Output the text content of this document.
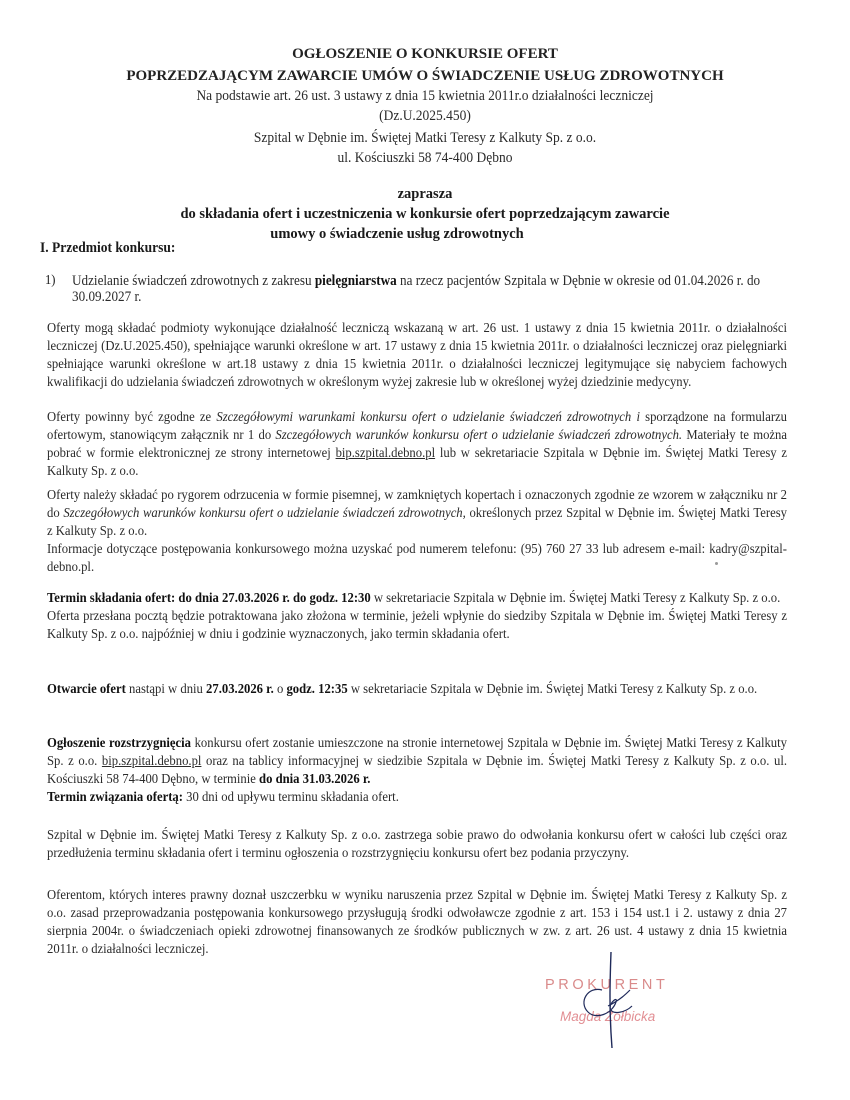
OGŁOSZENIE O KONKURSIE OFERT
POPRZEDZAJĄCYM ZAWARCIE UMÓW O ŚWIADCZENIE USŁUG ZDROWOTNYCH
Na podstawie art. 26 ust. 3 ustawy z dnia 15 kwietnia 2011r.o działalności leczniczej
(Dz.U.2025.450)
Szpital w Dębnie im. Świętej Matki Teresy z Kalkuty Sp. z o.o.
ul. Kościuszki 58 74-400 Dębno
zaprasza
do składania ofert i uczestniczenia w konkursie ofert poprzedzającym zawarcie
umowy o świadczenie usług zdrowotnych
I. Przedmiot konkursu:
1) Udzielanie świadczeń zdrowotnych z zakresu pielęgniarstwa na rzecz pacjentów Szpitala w Dębnie w okresie od 01.04.2026 r. do 30.09.2027 r.
Oferty mogą składać podmioty wykonujące działalność leczniczą wskazaną w art. 26 ust. 1 ustawy z dnia 15 kwietnia 2011r. o działalności leczniczej (Dz.U.2025.450), spełniające warunki określone w art. 17 ustawy z dnia 15 kwietnia 2011r. o działalności leczniczej oraz pielęgniarki spełniające warunki określone w art.18 ustawy z dnia 15 kwietnia 2011r. o działalności leczniczej legitymujące się nabyciem fachowych kwalifikacji do udzielania świadczeń zdrowotnych w określonym wyżej zakresie lub w określonej wyżej dziedzinie medycyny.
Oferty powinny być zgodne ze Szczegółowymi warunkami konkursu ofert o udzielanie świadczeń zdrowotnych i sporządzone na formularzu ofertowym, stanowiącym załącznik nr 1 do Szczegółowych warunków konkursu ofert o udzielanie świadczeń zdrowotnych. Materiały te można pobrać w formie elektronicznej ze strony internetowej bip.szpital.debno.pl lub w sekretariacie Szpitala w Dębnie im. Świętej Matki Teresy z Kalkuty Sp. z o.o.
Oferty należy składać po rygorem odrzucenia w formie pisemnej, w zamkniętych kopertach i oznaczonych zgodnie ze wzorem w załączniku nr 2 do Szczegółowych warunków konkursu ofert o udzielanie świadczeń zdrowotnych, określonych przez Szpital w Dębnie im. Świętej Matki Teresy z Kalkuty Sp. z o.o.
Informacje dotyczące postępowania konkursowego można uzyskać pod numerem telefonu: (95) 760 27 33 lub adresem e-mail: kadry@szpital-debno.pl.
Termin składania ofert: do dnia 27.03.2026 r. do godz. 12:30 w sekretariacie Szpitala w Dębnie im. Świętej Matki Teresy z Kalkuty Sp. z o.o.
Oferta przesłana pocztą będzie potraktowana jako złożona w terminie, jeżeli wpłynie do siedziby Szpitala w Dębnie im. Świętej Matki Teresy z Kalkuty Sp. z o.o. najpóźniej w dniu i godzinie wyznaczonych, jako termin składania ofert.
Otwarcie ofert nastąpi w dniu 27.03.2026 r. o godz. 12:35 w sekretariacie Szpitala w Dębnie im. Świętej Matki Teresy z Kalkuty Sp. z o.o.
Ogłoszenie rozstrzygnięcia konkursu ofert zostanie umieszczone na stronie internetowej Szpitala w Dębnie im. Świętej Matki Teresy z Kalkuty Sp. z o.o. bip.szpital.debno.pl oraz na tablicy informacyjnej w siedzibie Szpitala w Dębnie im. Świętej Matki Teresy z Kalkuty Sp. z o.o. ul. Kościuszki 58 74-400 Dębno, w terminie do dnia 31.03.2026 r.
Termin związania ofertą: 30 dni od upływu terminu składania ofert.
Szpital w Dębnie im. Świętej Matki Teresy z Kalkuty Sp. z o.o. zastrzega sobie prawo do odwołania konkursu ofert w całości lub części oraz przedłużenia terminu składania ofert i terminu ogłoszenia o rozstrzygnięciu konkursu ofert bez podania przyczyny.
Oferentom, których interes prawny doznał uszczerbku w wyniku naruszenia przez Szpital w Dębnie im. Świętej Matki Teresy z Kalkuty Sp. z o.o. zasad przeprowadzania postępowania konkursowego przysługują środki odwoławcze zgodnie z art. 153 i 154 ust.1 i 2. ustawy z dnia 27 sierpnia 2004r. o świadczeniach opieki zdrowotnej finansowanych ze środków publicznych w zw. z art. 26 ust. 4 ustawy z dnia 15 kwietnia 2011r. o działalności leczniczej.
PROKURENT
Magda Żołbicka
